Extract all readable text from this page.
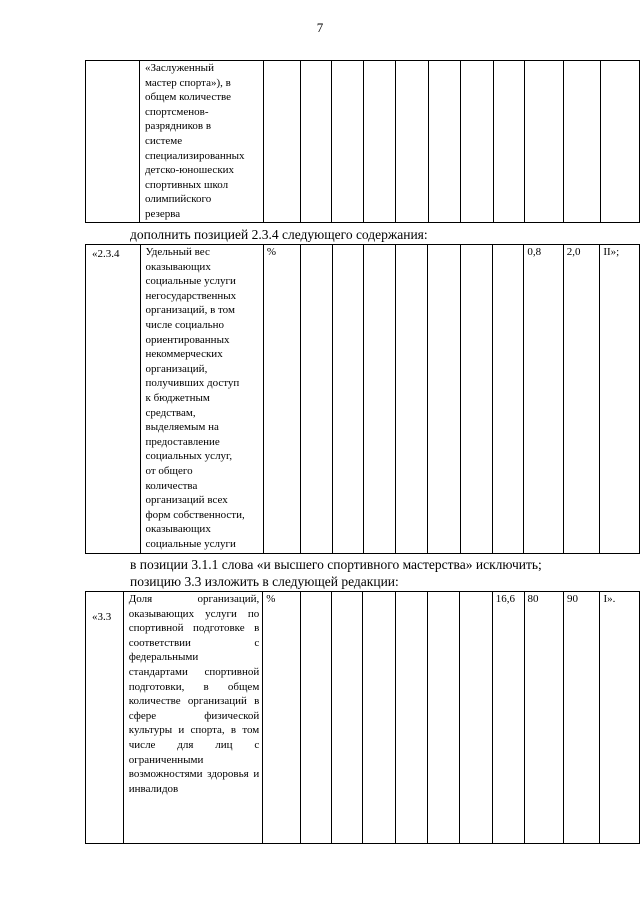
7

«Заслуженный
мастер спорта»), в
общем количестве
спортсменов-
разрядников в
системе
специализированных
детско-юношеских
спортивных школ
олимпийского
резерва

дополнить позицией 2.3.4 следующего содержания:
«2.3.4	Удельный вес
оказывающих
социальные услуги
негосударственных
организаций, в том
числе социально
ориентированных
некоммерческих
организаций,
получивших доступ
к бюджетным
средствам,
выделяемым на
предоставление
социальных услуг,
от общего
количества
организаций всех
форм собственности,
оказывающих
социальные услуги
	%								0,8	2,0	II»;
в позиции 3.1.1 слова «и высшего спортивного мастерства» исключить;
позицию 3.3 изложить в следующей редакции:
«3.3
	Доля организаций, оказывающих услуги по спортивной подготовке в соответствии с федеральными стандартами спортивной подготовки, в общем количестве организаций в сфере физической культуры и спорта, в том числе для лиц с ограниченными возможностями здоровья и инвалидов	%							16,6	80	90	I».
